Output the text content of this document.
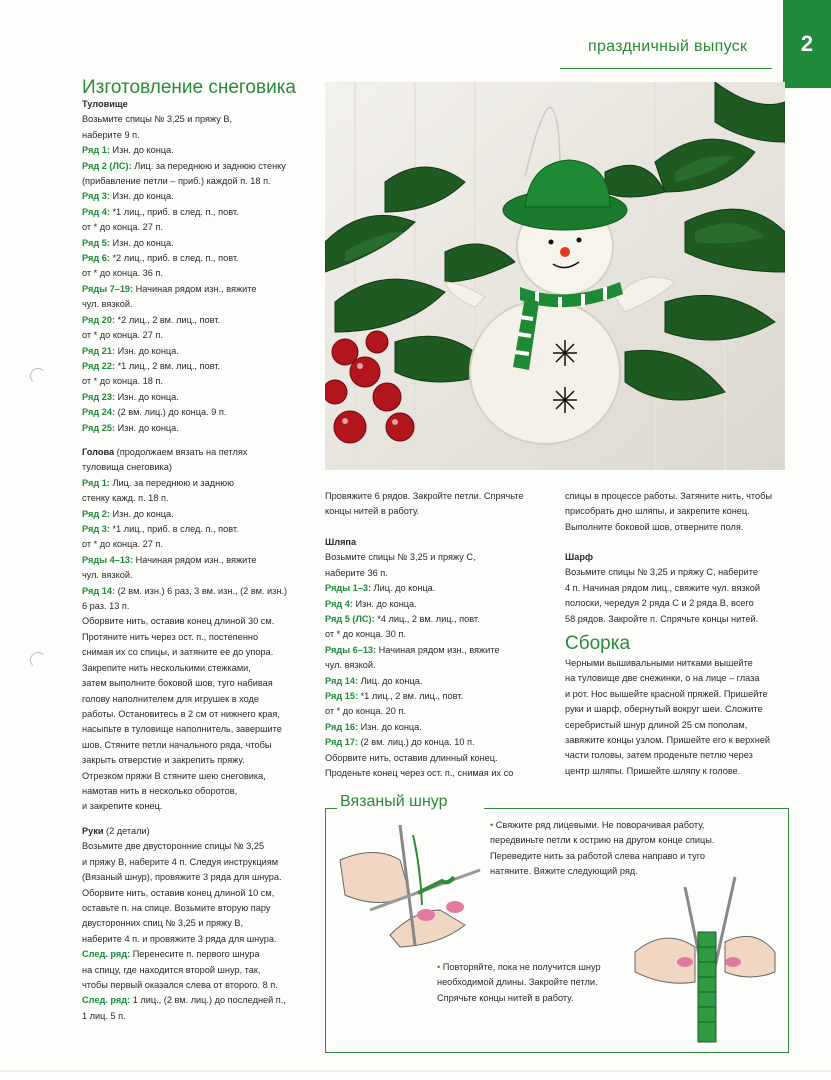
праздничный выпуск	2
Изготовление снеговика
Туловище
Возьмите спицы № 3,25 и пряжу В,
наберите 9 п.
Ряд 1: Изн. до конца.
Ряд 2 (ЛС): Лиц. за переднюю и заднюю стенку
(прибавление петли – приб.) каждой п. 18 п.
Ряд 3: Изн. до конца.
Ряд 4: *1 лиц., приб. в след. п., повт.
от * до конца. 27 п.
Ряд 5: Изн. до конца.
Ряд 6: *2 лиц., приб. в след. п., повт.
от * до конца. 36 п.
Ряды 7–19: Начиная рядом изн., вяжите
чул. вязкой.
Ряд 20: *2 лиц., 2 вм. лиц., повт.
от * до конца. 27 п.
Ряд 21: Изн. до конца.
Ряд 22: *1 лиц., 2 вм. лиц., повт.
от * до конца. 18 п.
Ряд 23: Изн. до конца.
Ряд 24: (2 вм. лиц.) до конца. 9 п.
Ряд 25: Изн. до конца.
Голова (продолжаем вязать на петлях
туловища снеговика)
Ряд 1: Лиц. за переднюю и заднюю
стенку кажд. п. 18 п.
Ряд 2: Изн. до конца.
Ряд 3: *1 лиц., приб. в след. п., повт.
от * до конца. 27 п.
Ряды 4–13: Начиная рядом изн., вяжите
чул. вязкой.
Ряд 14: (2 вм. изн.) 6 раз, 3 вм. изн., (2 вм. изн.)
6 раз. 13 п.
Оборвите нить, оставив конец длиной 30 см.
Протяните нить через ост. п., постепенно
снимая их со спицы, и затяните ее до упора.
Закрепите нить несколькими стежками,
затем выполните боковой шов, туго набивая
голову наполнителем для игрушек в ходе
работы. Остановитесь в 2 см от нижнего края,
насыпьте в туловище наполнитель, завершите
шов. Стяните петли начального ряда, чтобы
закрыть отверстие и закрепить пряжу.
Отрезком пряжи В стяните шею снеговика,
намотав нить в несколько оборотов,
и закрепите конец.
Руки (2 детали)
Возьмите две двусторонние спицы № 3,25
и пряжу В, наберите 4 п. Следуя инструкциям
(Вязаный шнур), провяжите 3 ряда для шнура.
Оборвите нить, оставив конец длиной 10 см,
оставьте п. на спице. Возьмите вторую пару
двусторонних спиц № 3,25 и пряжу В,
наберите 4 п. и провяжите 3 ряда для шнура.
След. ряд: Перенесите п. первого шнура
на спицу, где находится второй шнур, так,
чтобы первый оказался слева от второго. 8 п.
След. ряд: 1 лиц., (2 вм. лиц.) до последней п.,
1 лиц. 5 п.
Провяжите 6 рядов. Закройте петли. Спрячьте
концы нитей в работу.
Шляпа
Возьмите спицы № 3,25 и пряжу С,
наберите 36 п.
Ряды 1–3: Лиц. до конца.
Ряд 4: Изн. до конца.
Ряд 5 (ЛС): *4 лиц., 2 вм. лиц., повт.
от * до конца. 30 п.
Ряды 6–13: Начиная рядом изн., вяжите
чул. вязкой.
Ряд 14: Лиц. до конца.
Ряд 15: *1 лиц., 2 вм. лиц., повт.
от * до конца. 20 п.
Ряд 16: Изн. до конца.
Ряд 17: (2 вм. лиц.) до конца. 10 п.
Оборвите нить, оставив длинный конец.
Проденьте конец через ост. п., снимая их со
спицы в процессе работы. Затяните нить, чтобы
присобрать дно шляпы, и закрепите конец.
Выполните боковой шов, отверните поля.
Шарф
Возьмите спицы № 3,25 и пряжу С, наберите
4 п. Начиная рядом лиц., свяжите чул. вязкой
полоски, чередуя 2 ряда С и 2 ряда В, всего
58 рядов. Закройте п. Спрячьте концы нитей.
Сборка
Черными вышивальными нитками вышейте
на туловище две снежинки, о на лице – глаза
и рот. Нос вышейте красной пряжей. Пришейте
руки и шарф, обернутый вокруг шеи. Сложите
серебристый шнур длиной 25 см пополам,
завяжите концы узлом. Пришейте его к верхней
части головы, затем проденьте петлю через
центр шляпы. Пришейте шляпу к голове.
Вязаный шнур
• Свяжите ряд лицевыми. Не поворачивая работу,
передвиньте петли к острию на другом конце спицы.
Переведите нить за работой слева направо и туго
натяните. Вяжите следующий ряд.
• Повторяйте, пока не получится шнур
необходимой длины. Закройте петли.
Спрячьте концы нитей в работу.
